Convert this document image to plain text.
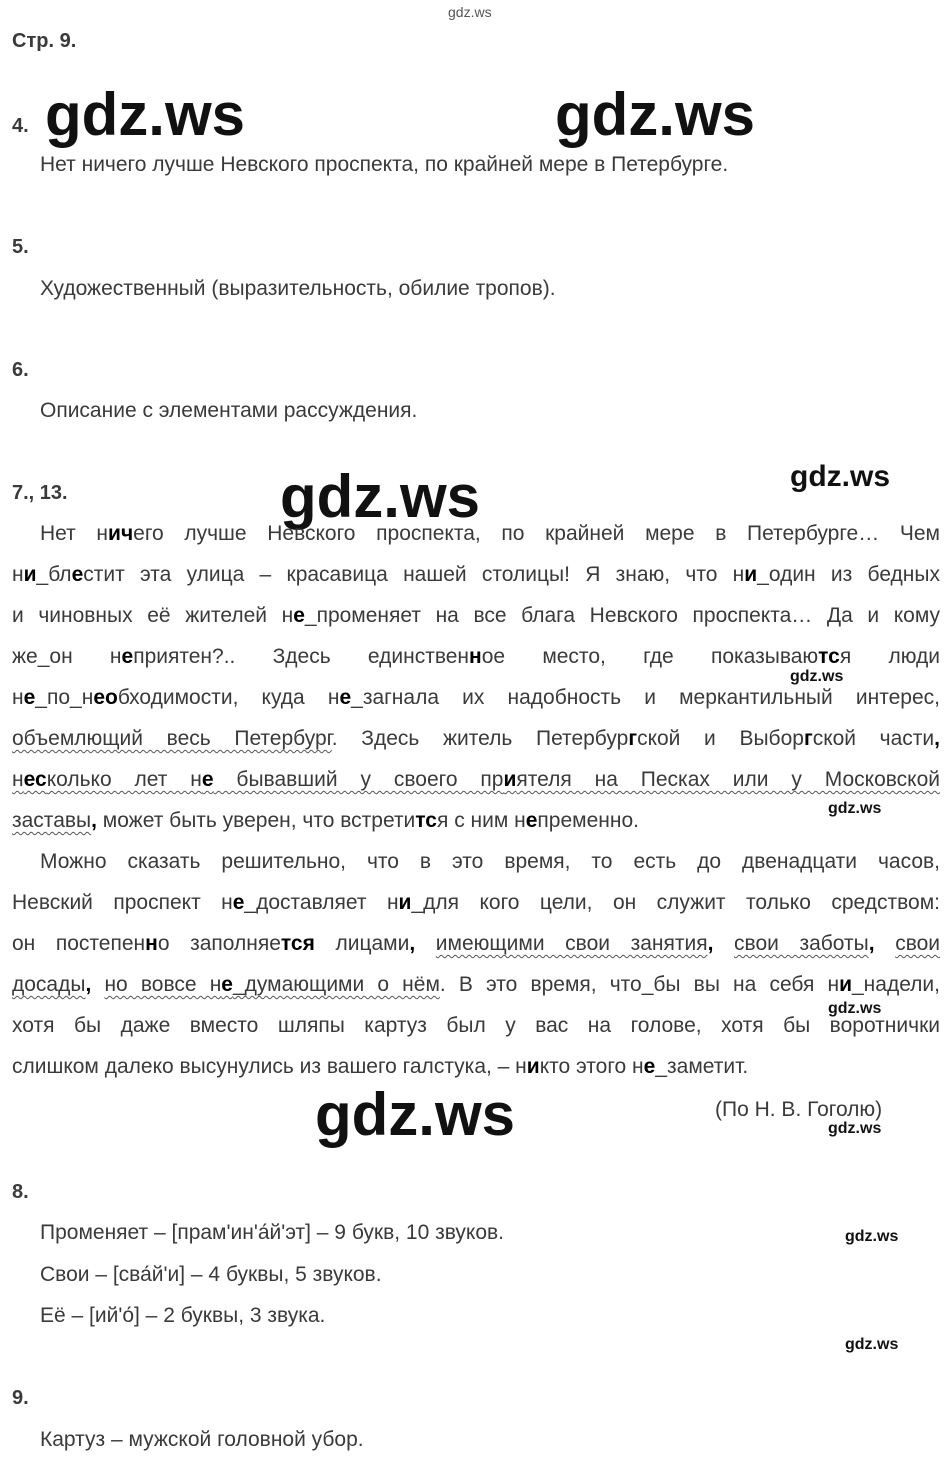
gdz.ws
Стр. 9.
4. gdz.ws	gdz.ws
Нет ничего лучше Невского проспекта, по крайней мере в Петербурге.
5.
Художественный (выразительность, обилие тропов).
6.
Описание с элементами рассуждения.
7., 13.	gdz.ws	gdz.ws
Нет ничего лучше Невского проспекта, по крайней мере в Петербурге… Чем
ни_блестит эта улица – красавица нашей столицы! Я знаю, что ни_один из бедных
и чиновных её жителей не_променяет на все блага Невского проспекта… Да и кому
же_он неприятен?.. Здесь единственное место, где показываются люди
gdz.ws
не_по_необходимости, куда не_загнала их надобность и меркантильный интерес,
объемлющий весь Петербург. Здесь житель Петербургской и Выборгской части,
несколько лет не бывавший у своего приятеля на Песках или у Московской
gdz.ws
заставы, может быть уверен, что встретится с ним непременно.
Можно сказать решительно, что в это время, то есть до двенадцати часов,
Невский проспект не_доставляет ни_для кого цели, он служит только средством:
он постепенно заполняется лицами, имеющими свои занятия, свои заботы, свои
досады, но вовсе не_думающими о нём. В это время, что_бы вы на себя ни_надели,
gdz.ws
хотя бы даже вместо шляпы картуз был у вас на голове, хотя бы воротнички
слишком далеко высунулись из вашего галстука, – никто этого не_заметит.
gdz.ws	(По Н. В. Гоголю)
gdz.ws
8.
Променяет – [прам'ин'а́й'эт] – 9 букв, 10 звуков.	gdz.ws
Свои – [сва́й'и] – 4 буквы, 5 звуков.
Её – [ий'о́] – 2 буквы, 3 звука.
gdz.ws
9.
Картуз – мужской головной убор.
